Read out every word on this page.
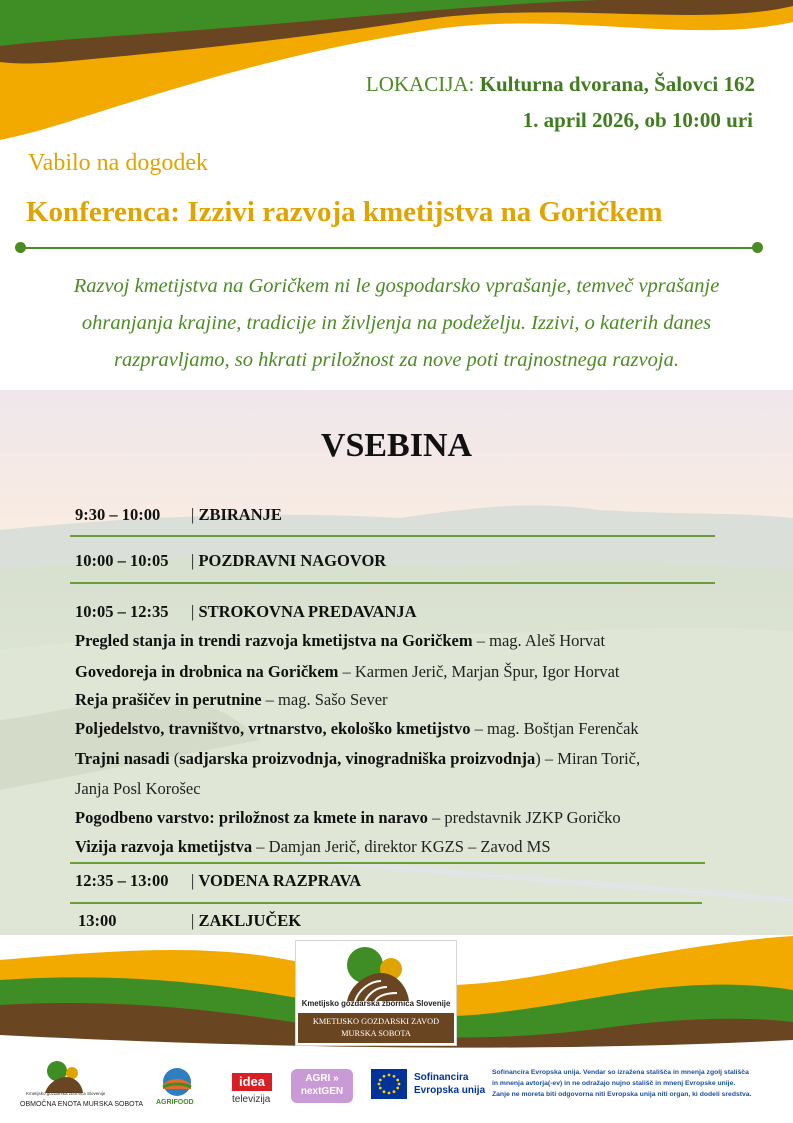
LOKACIJA: Kulturna dvorana, Šalovci 162
1. april 2026, ob 10:00 uri
Vabilo na dogodek
Konferenca: Izzivi razvoja kmetijstva na Goričkem
Razvoj kmetijstva na Goričkem ni le gospodarsko vprašanje, temveč vprašanje
ohranjanja krajine, tradicije in življenja na podeželju. Izzivi, o katerih danes
razpravljamo, so hkrati priložnost za nove poti trajnostnega razvoja.
VSEBINA
9:30 – 10:00 | ZBIRANJE
10:00 – 10:05 | POZDRAVNI NAGOVOR
10:05 – 12:35 | STROKOVNA PREDAVANJA
Pregled stanja in trendi razvoja kmetijstva na Goričkem – mag. Aleš Horvat
Govedoreja in drobnica na Goričkem – Karmen Jerič, Marjan Špur, Igor Horvat
Reja prašičev in perutnine – mag. Sašo Sever
Poljedelstvo, travništvo, vrtnarstvo, ekološko kmetijstvo – mag. Boštjan Ferenčak
Trajni nasadi (sadjarska proizvodnja, vinogradniška proizvodnja) – Miran Torič,
Janja Posl Korošec
Pogodbeno varstvo: priložnost za kmete in naravo – predstavnik JZKP Goričko
Vizija razvoja kmetijstva – Damjan Jerič, direktor KGZS – Zavod MS
12:35 – 13:00 | VODENA RAZPRAVA
13:00	| ZAKLJUČEK
Kmetijsko gozdarska zbornica Slovenije
KMETIJSKO GOZDARSKI ZAVOD
MURSKA SOBOTA
Kmetijsko gozdarska zbornica Slovenije
OBMOČNA ENOTA MURSKA SOBOTA AGRIFOOD
idea
televizija
AGRI »
nextGEN
Sofinancira
Evropska unija
Sofinancira Evropska unija. Vendar so izražena stališča in mnenja zgolj stališča
in mnenja avtorja(-ev) in ne odražajo nujno stališč in mnenj Evropske unije.
Zanje ne moreta biti odgovorna niti Evropska unija niti organ, ki dodeli sredstva.
